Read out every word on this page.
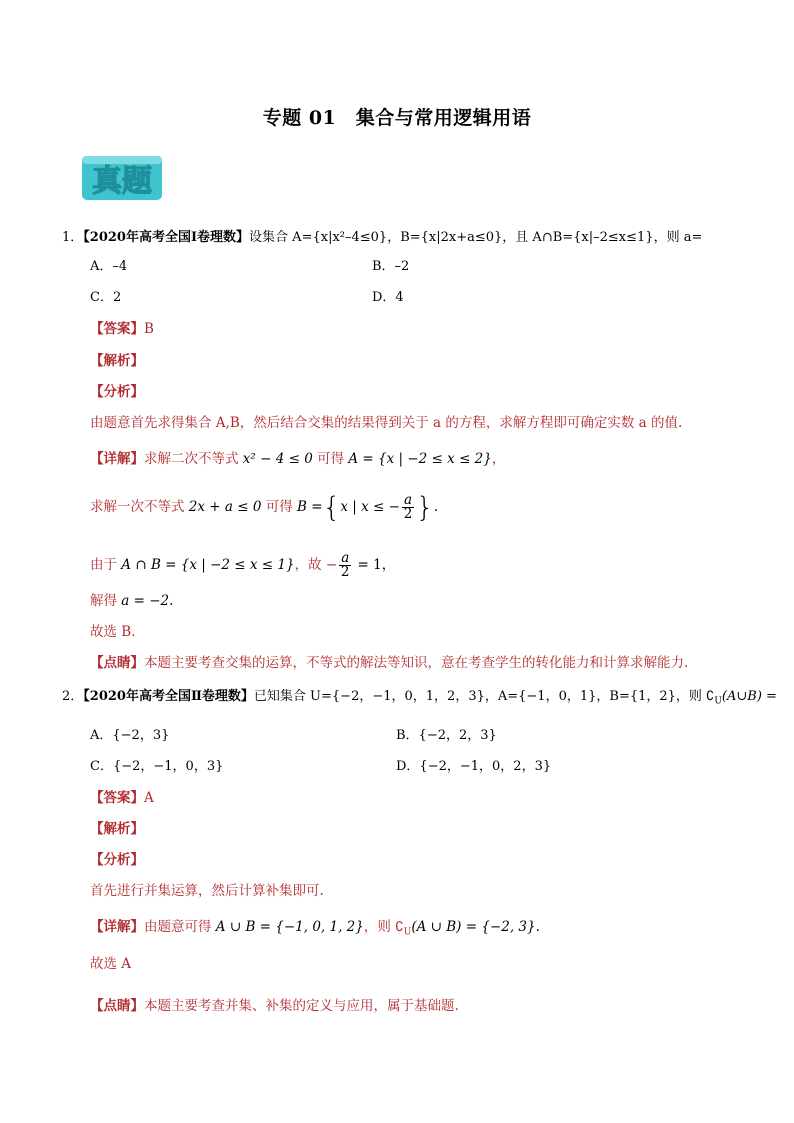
专题 01　集合与常用逻辑用语
真题
1．【2020年高考全国Ⅰ卷理数】设集合 A={x|x²–4≤0}，B={x|2x+a≤0}，且 A∩B={x|–2≤x≤1}，则 a=
A．–4	B．–2
C．2	D．4
【答案】B
【解析】
【分析】
由题意首先求得集合 A,B，然后结合交集的结果得到关于 a 的方程，求解方程即可确定实数 a 的值.
【详解】求解二次不等式 x² − 4 ≤ 0 可得 A = {x | −2 ≤ x ≤ 2}，
求解一次不等式 2x + a ≤ 0 可得 B ={x | x ≤ − $\frac{a}{2}$ }.
由于 A ∩ B = {x | −2 ≤ x ≤ 1}，故 − $\frac{a}{2} = 1$，
解得 a = −2.
故选 B．
【点睛】本题主要考查交集的运算，不等式的解法等知识，意在考查学生的转化能力和计算求解能力.
2．【2020年高考全国Ⅱ卷理数】已知集合 U={−2，−1，0，1，2，3}，A={−1，0，1}，B={1，2}，则 $∁_U(A\cup B)$ =
A．{−2，3}	B．{−2，2，3}
C．{−2，−1，0，3}	D．{−2，−1，0，2，3}
【答案】A
【解析】
【分析】
首先进行并集运算，然后计算补集即可.
【详解】由题意可得 A ∪ B = {−1, 0, 1, 2}，则 $∁_U(A$ ∪ B) = {−2, 3}.
故选 A
【点睛】本题主要考查并集、补集的定义与应用，属于基础题.
